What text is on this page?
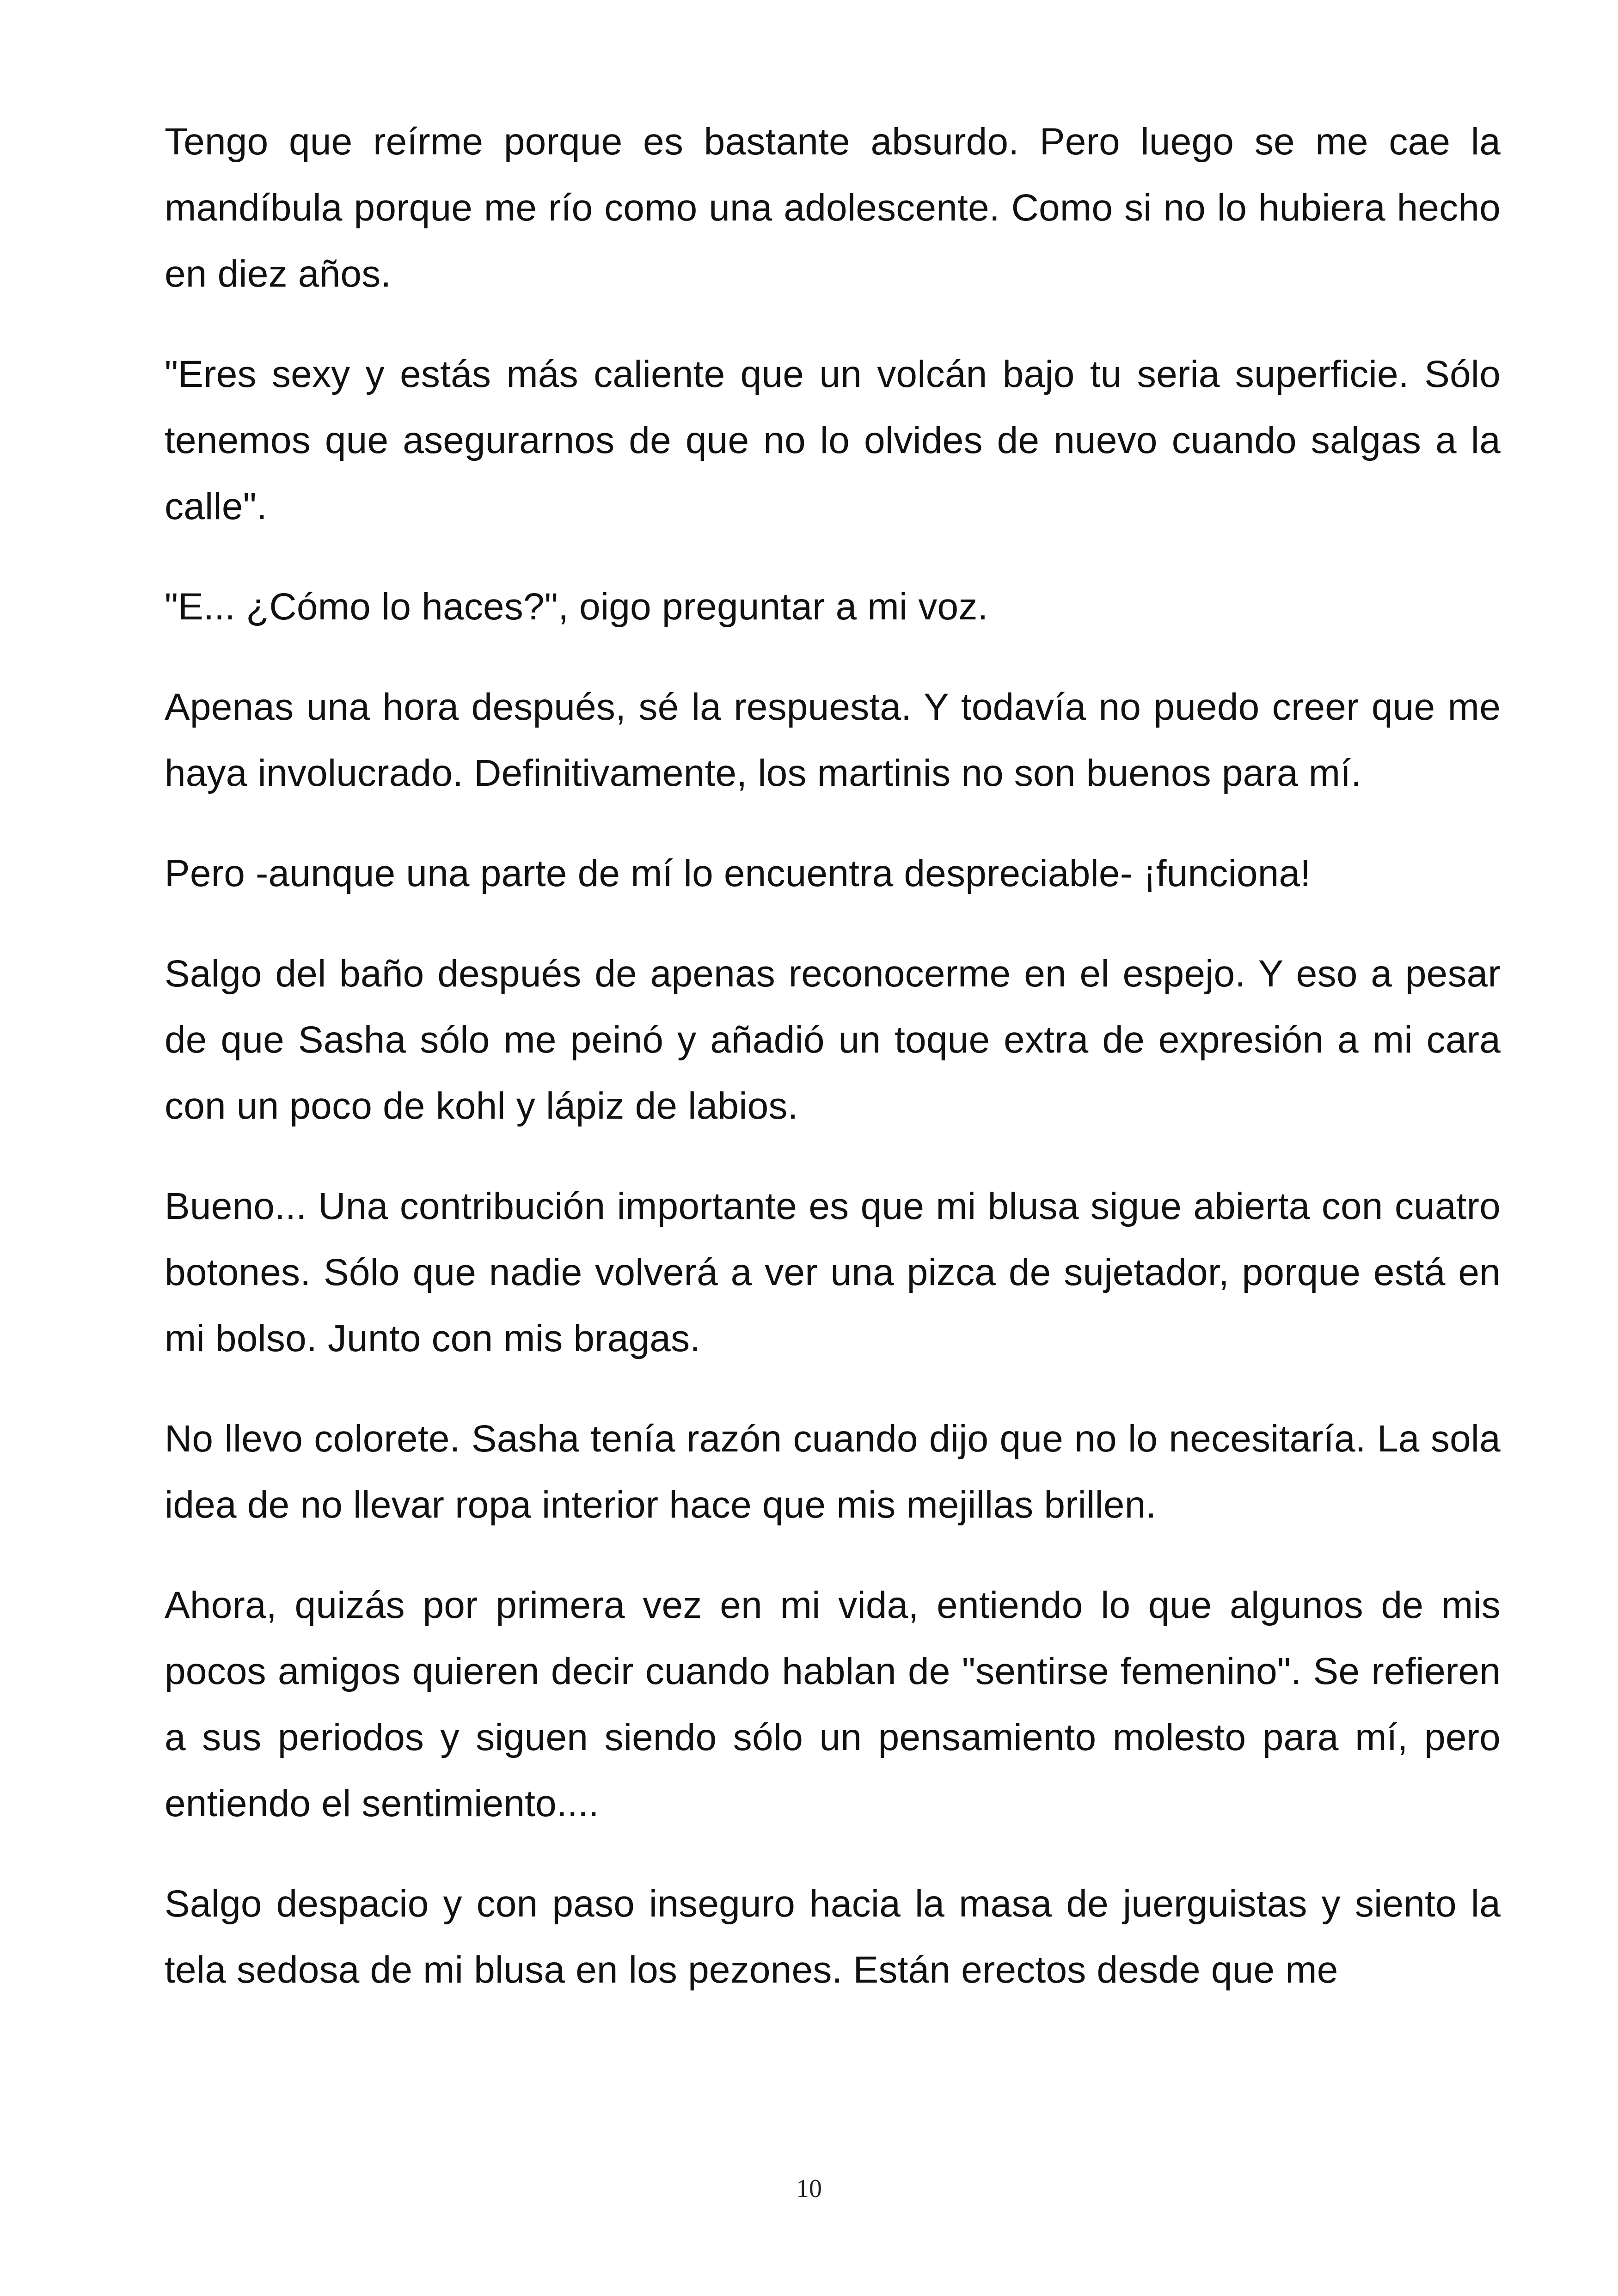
Tengo que reírme porque es bastante absurdo. Pero luego se me cae la mandíbula porque me río como una adolescente. Como si no lo hubiera hecho en diez años.

"Eres sexy y estás más caliente que un volcán bajo tu seria superficie. Sólo tenemos que asegurarnos de que no lo olvides de nuevo cuando salgas a la calle".

"E... ¿Cómo lo haces?", oigo preguntar a mi voz.

Apenas una hora después, sé la respuesta. Y todavía no puedo creer que me haya involucrado. Definitivamente, los martinis no son buenos para mí.

Pero -aunque una parte de mí lo encuentra despreciable- ¡funciona!

Salgo del baño después de apenas reconocerme en el espejo. Y eso a pesar de que Sasha sólo me peinó y añadió un toque extra de expresión a mi cara con un poco de kohl y lápiz de labios.

Bueno... Una contribución importante es que mi blusa sigue abierta con cuatro botones. Sólo que nadie volverá a ver una pizca de sujetador, porque está en mi bolso. Junto con mis bragas.

No llevo colorete. Sasha tenía razón cuando dijo que no lo necesitaría. La sola idea de no llevar ropa interior hace que mis mejillas brillen.

Ahora, quizás por primera vez en mi vida, entiendo lo que algunos de mis pocos amigos quieren decir cuando hablan de "sentirse femenino". Se refieren a sus periodos y siguen siendo sólo un pensamiento molesto para mí, pero entiendo el sentimiento....

Salgo despacio y con paso inseguro hacia la masa de juerguistas y siento la tela sedosa de mi blusa en los pezones. Están erectos desde que me

10
